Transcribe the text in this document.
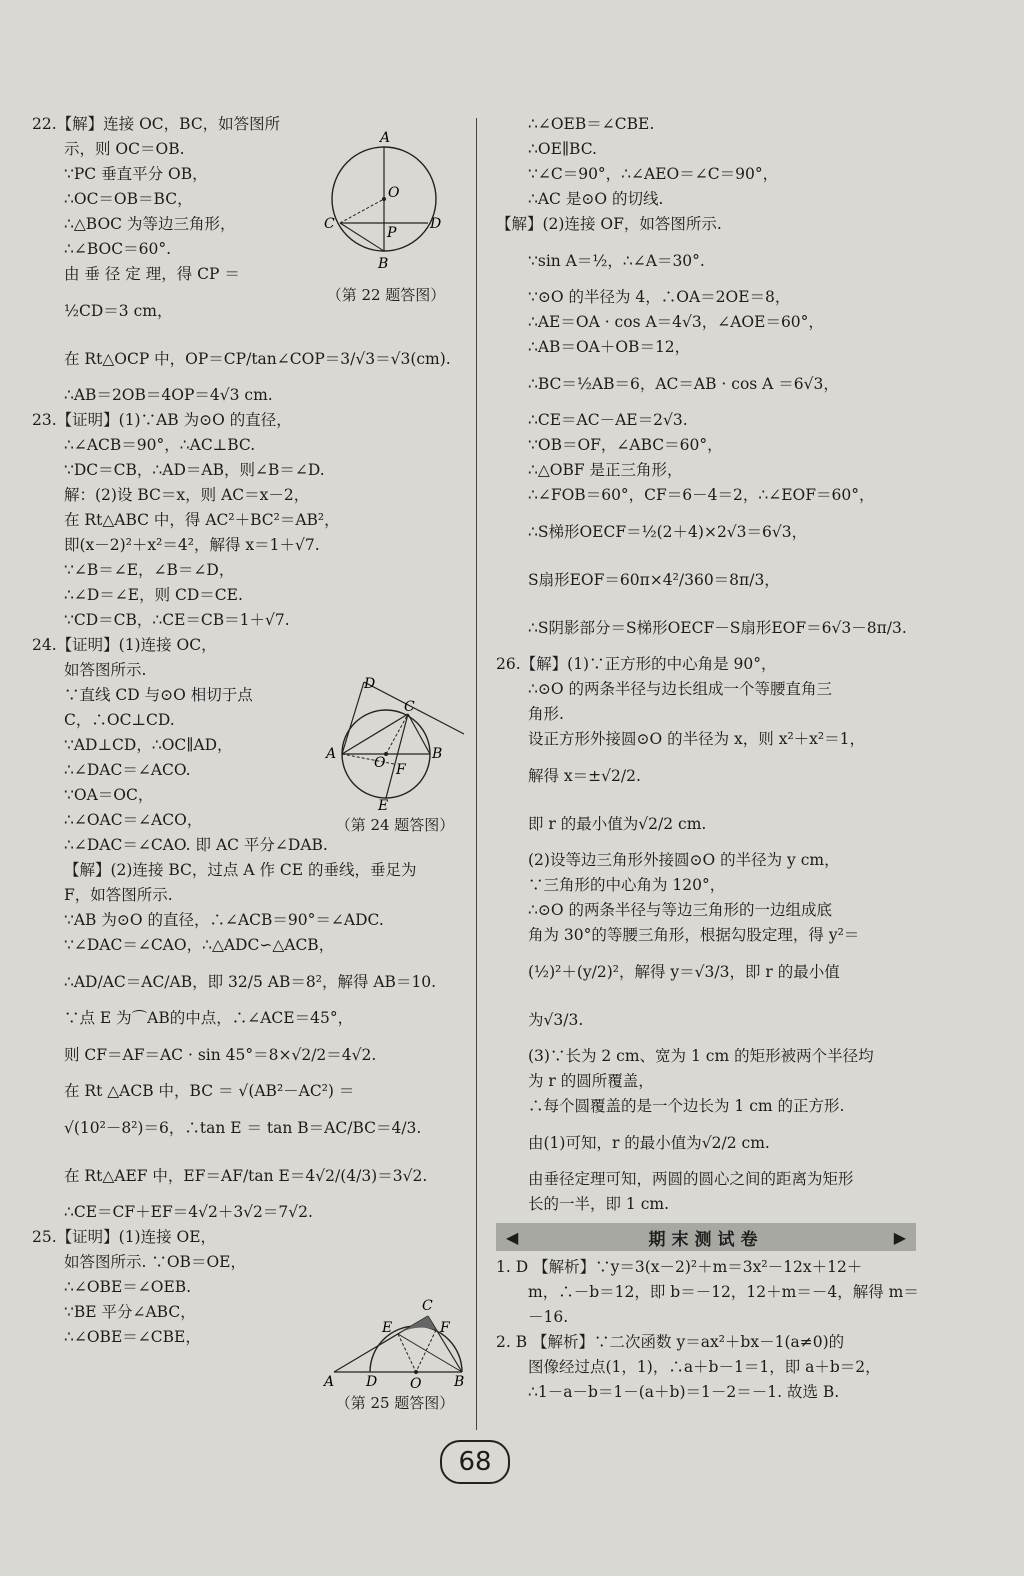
22.【解】连接 OC，BC，如答图所
示，则 OC＝OB.
∵PC 垂直平分 OB，
∴OC＝OB＝BC，
∴△BOC 为等边三角形，
∴∠BOC＝60°.
由 垂 径 定 理，得 CP ＝
½CD＝3 cm，
在 Rt△OCP 中，OP＝CP/tan∠COP＝3/√3＝√3(cm).
∴AB＝2OB＝4OP＝4√3 cm.
23.【证明】(1)∵AB 为⊙O 的直径，
∴∠ACB＝90°，∴AC⊥BC.
∵DC＝CB，∴AD＝AB，则∠B＝∠D.
解：(2)设 BC＝x，则 AC＝x－2，
在 Rt△ABC 中，得 AC²＋BC²＝AB²，
即(x－2)²＋x²＝4²，解得 x＝1＋√7.
∵∠B＝∠E，∠B＝∠D，
∴∠D＝∠E，则 CD＝CE.
∵CD＝CB，∴CE＝CB＝1＋√7.
24.【证明】(1)连接 OC，
如答图所示.
∵直线 CD 与⊙O 相切于点
C，∴OC⊥CD.
∵AD⊥CD，∴OC∥AD，
∴∠DAC＝∠ACO.
∵OA＝OC，
∴∠OAC＝∠ACO，
∴∠DAC＝∠CAO. 即 AC 平分∠DAB.
【解】(2)连接 BC，过点 A 作 CE 的垂线，垂足为
F，如答图所示.
∵AB 为⊙O 的直径，∴∠ACB＝90°＝∠ADC.
∵∠DAC＝∠CAO，∴△ADC∽△ACB，
∴AD/AC＝AC/AB，即 32/5 AB＝8²，解得 AB＝10.
∵点 E 为⌒AB的中点，∴∠ACE＝45°，
则 CF＝AF＝AC · sin 45°＝8×√2/2＝4√2.
在 Rt △ACB 中，BC ＝ √(AB²－AC²) ＝
√(10²－8²)＝6，∴tan E ＝ tan B＝AC/BC＝4/3.
在 Rt△AEF 中，EF＝AF/tan E＝4√2/(4/3)＝3√2.
∴CE＝CF＋EF＝4√2＋3√2＝7√2.
25.【证明】(1)连接 OE，
如答图所示. ∵OB＝OE，
∴∠OBE＝∠OEB.
∵BE 平分∠ABC，
∴∠OBE＝∠CBE，
A
O
C
P
D
B
（第 22 题答图）
D
C
A	B
O F
E
（第 24 题答图）
C
F
E
A D O B
（第 25 题答图）
∴∠OEB＝∠CBE.
∴OE∥BC.
∵∠C＝90°，∴∠AEO＝∠C＝90°，
∴AC 是⊙O 的切线.
【解】(2)连接 OF，如答图所示.
∵sin A＝½，∴∠A＝30°.
∵⊙O 的半径为 4，∴OA＝2OE＝8，
∴AE＝OA · cos A＝4√3，∠AOE＝60°，
∴AB＝OA＋OB＝12，
∴BC＝½AB＝6，AC＝AB · cos A ＝6√3，
∴CE＝AC－AE＝2√3.
∵OB＝OF，∠ABC＝60°，
∴△OBF 是正三角形，
∴∠FOB＝60°，CF＝6－4＝2，∴∠EOF＝60°，
∴S梯形OECF＝½(2＋4)×2√3＝6√3，
S扇形EOF＝60π×4²/360＝8π/3，
∴S阴影部分＝S梯形OECF－S扇形EOF＝6√3－8π/3.
26.【解】(1)∵正方形的中心角是 90°，
∴⊙O 的两条半径与边长组成一个等腰直角三
角形.
设正方形外接圆⊙O 的半径为 x，则 x²＋x²＝1，
解得 x＝±√2/2.
即 r 的最小值为√2/2 cm.
(2)设等边三角形外接圆⊙O 的半径为 y cm，
∵三角形的中心角为 120°，
∴⊙O 的两条半径与等边三角形的一边组成底
角为 30°的等腰三角形，根据勾股定理，得 y²＝
(½)²＋(y/2)²，解得 y＝√3/3，即 r 的最小值
为√3/3.
(3)∵长为 2 cm、宽为 1 cm 的矩形被两个半径均
为 r 的圆所覆盖，
∴每个圆覆盖的是一个边长为 1 cm 的正方形.
由(1)可知，r 的最小值为√2/2 cm.
由垂径定理可知，两圆的圆心之间的距离为矩形
长的一半，即 1 cm.
◀	期末测试卷	▶
1. D 【解析】∵y＝3(x－2)²＋m＝3x²－12x＋12＋
m，∴－b＝12，即 b＝－12，12＋m＝－4，解得 m＝
－16.
2. B 【解析】∵二次函数 y＝ax²＋bx－1(a≠0)的
图像经过点(1，1)，∴a＋b－1＝1，即 a＋b＝2，
∴1－a－b＝1－(a＋b)＝1－2＝－1. 故选 B.
68
